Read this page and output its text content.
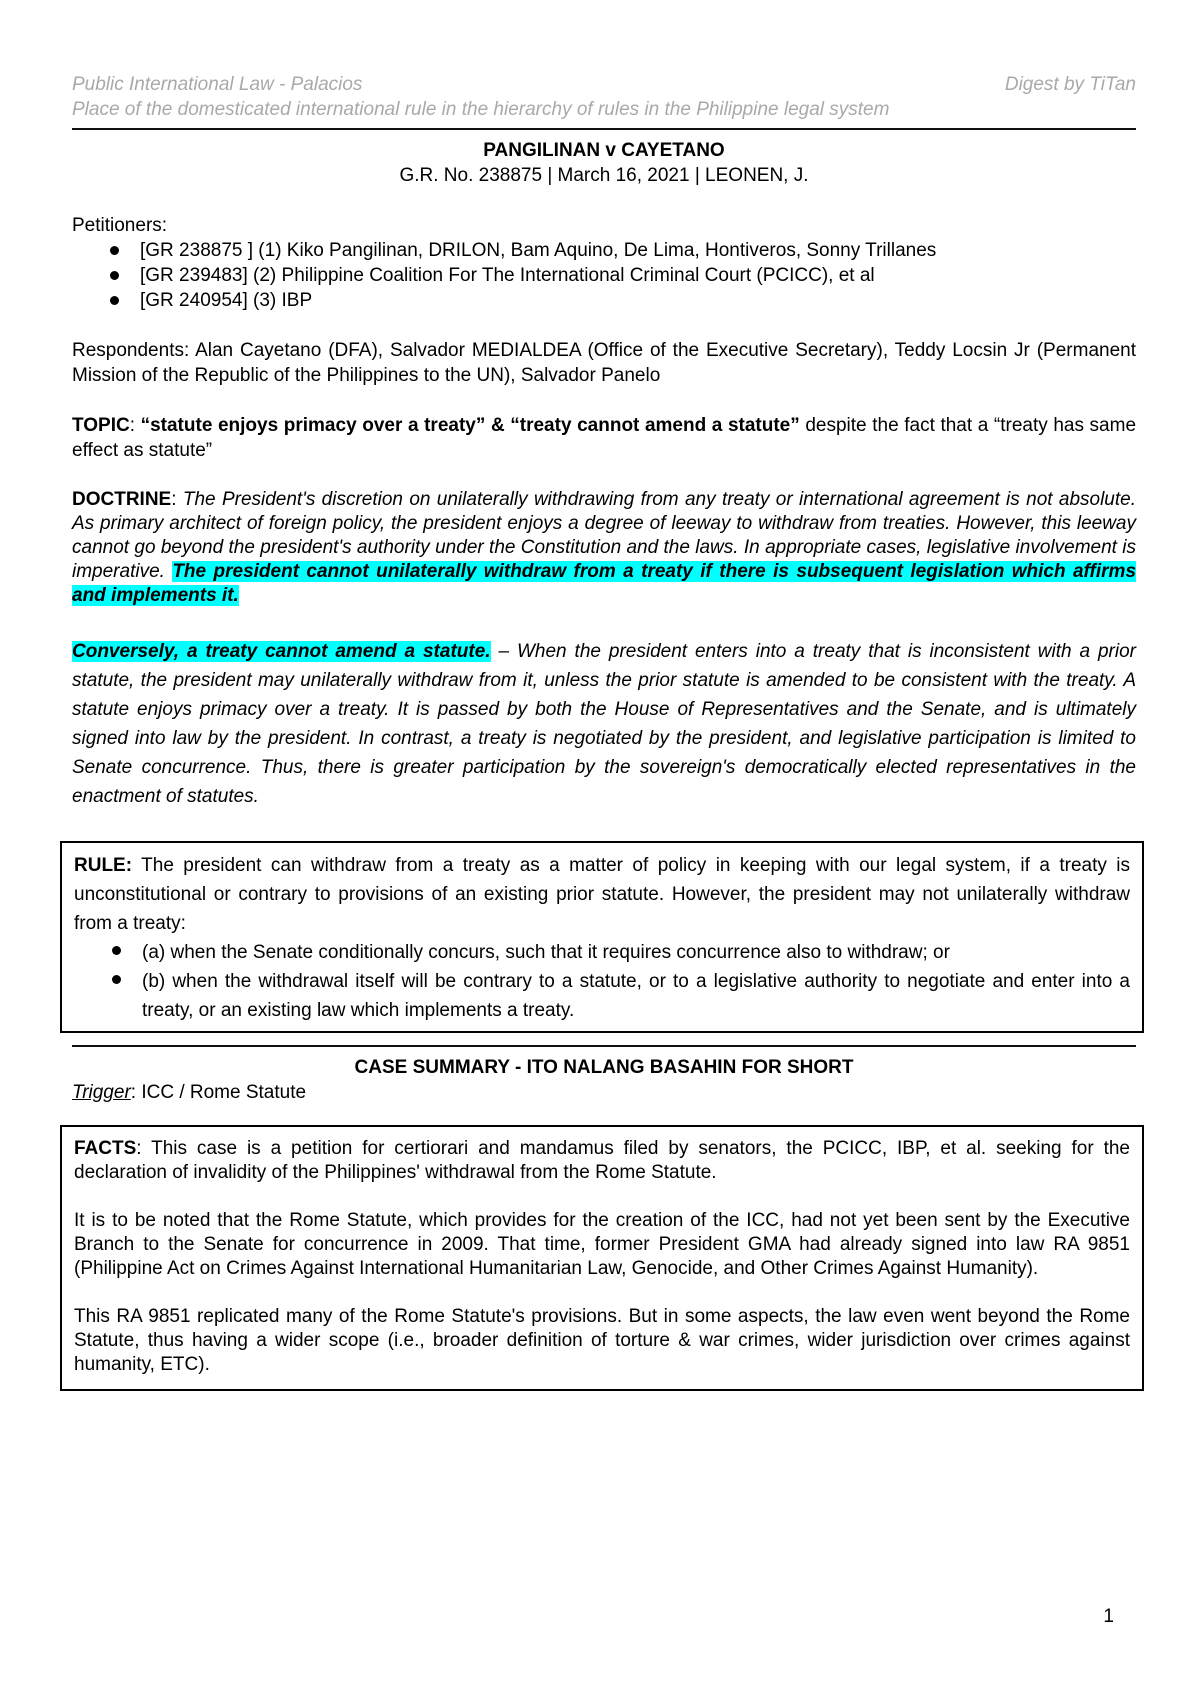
Public International Law - Palacios	Digest by TiTan
Place of the domesticated international rule in the hierarchy of rules in the Philippine legal system
PANGILINAN v CAYETANO
G.R. No. 238875 | March 16, 2021 | LEONEN, J.
Petitioners:
[GR 238875 ] (1) Kiko Pangilinan, DRILON, Bam Aquino, De Lima, Hontiveros, Sonny Trillanes
[GR 239483] (2) Philippine Coalition For The International Criminal Court (PCICC), et al
[GR 240954] (3) IBP
Respondents: Alan Cayetano (DFA), Salvador MEDIALDEA (Office of the Executive Secretary), Teddy Locsin Jr (Permanent Mission of the Republic of the Philippines to the UN), Salvador Panelo
TOPIC: “statute enjoys primacy over a treaty” & “treaty cannot amend a statute” despite the fact that a “treaty has same effect as statute”
DOCTRINE: The President's discretion on unilaterally withdrawing from any treaty or international agreement is not absolute. As primary architect of foreign policy, the president enjoys a degree of leeway to withdraw from treaties. However, this leeway cannot go beyond the president's authority under the Constitution and the laws. In appropriate cases, legislative involvement is imperative. The president cannot unilaterally withdraw from a treaty if there is subsequent legislation which affirms and implements it.
Conversely, a treaty cannot amend a statute. – When the president enters into a treaty that is inconsistent with a prior statute, the president may unilaterally withdraw from it, unless the prior statute is amended to be consistent with the treaty. A statute enjoys primacy over a treaty. It is passed by both the House of Representatives and the Senate, and is ultimately signed into law by the president. In contrast, a treaty is negotiated by the president, and legislative participation is limited to Senate concurrence. Thus, there is greater participation by the sovereign's democratically elected representatives in the enactment of statutes.
RULE: The president can withdraw from a treaty as a matter of policy in keeping with our legal system, if a treaty is unconstitutional or contrary to provisions of an existing prior statute. However, the president may not unilaterally withdraw from a treaty:
(a) when the Senate conditionally concurs, such that it requires concurrence also to withdraw; or
(b) when the withdrawal itself will be contrary to a statute, or to a legislative authority to negotiate and enter into a treaty, or an existing law which implements a treaty.
CASE SUMMARY - ITO NALANG BASAHIN FOR SHORT
Trigger: ICC / Rome Statute
FACTS: This case is a petition for certiorari and mandamus filed by senators, the PCICC, IBP, et al. seeking for the declaration of invalidity of the Philippines' withdrawal from the Rome Statute.
It is to be noted that the Rome Statute, which provides for the creation of the ICC, had not yet been sent by the Executive Branch to the Senate for concurrence in 2009. That time, former President GMA had already signed into law RA 9851 (Philippine Act on Crimes Against International Humanitarian Law, Genocide, and Other Crimes Against Humanity).
This RA 9851 replicated many of the Rome Statute's provisions. But in some aspects, the law even went beyond the Rome Statute, thus having a wider scope (i.e., broader definition of torture & war crimes, wider jurisdiction over crimes against humanity, ETC).
1
